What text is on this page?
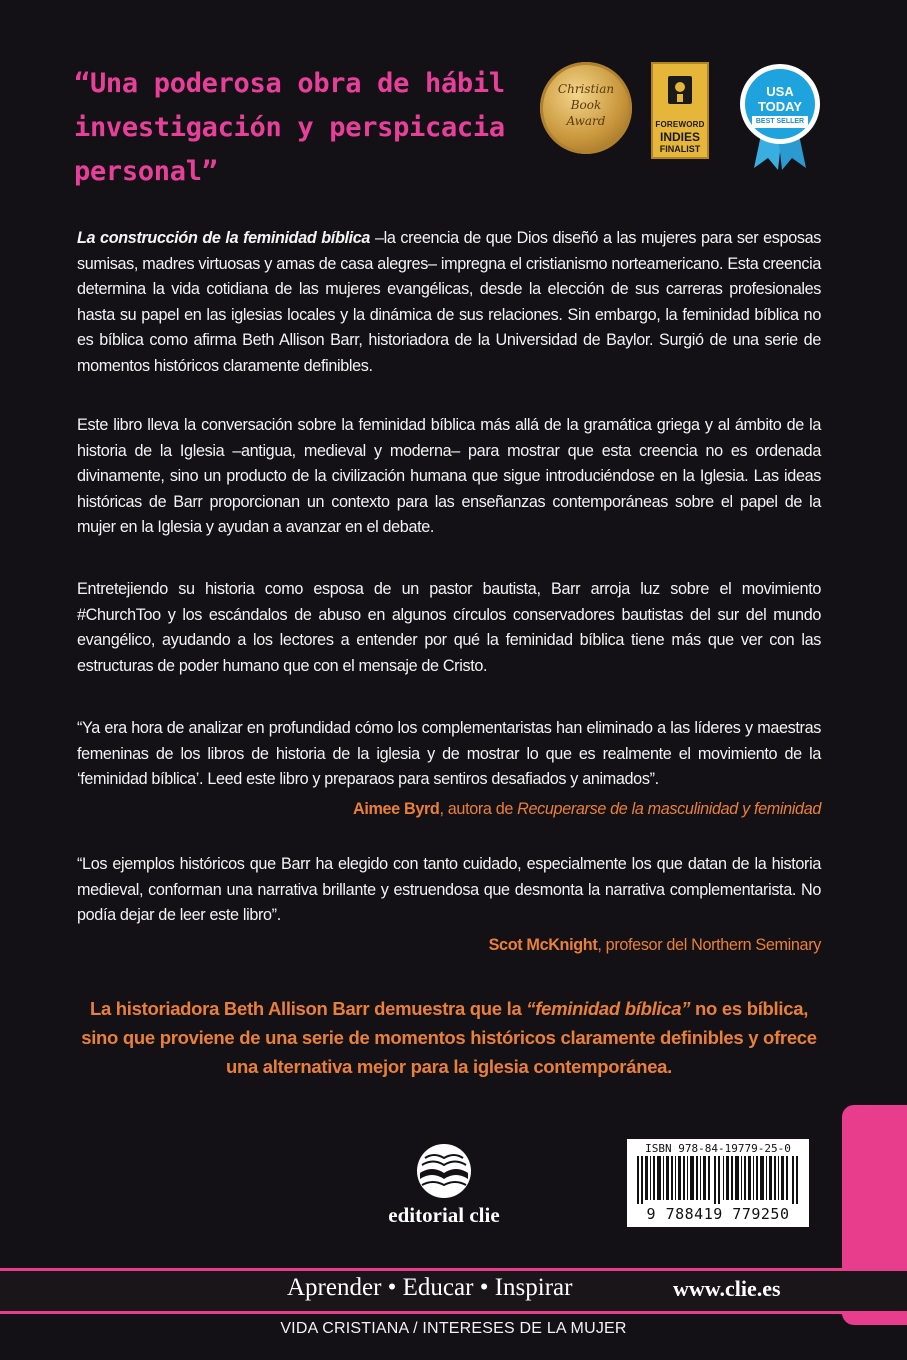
“Una poderosa obra de hábil
investigación y perspicacia
personal”
Christian
Book
Award	FOREWORD
INDIES
FINALIST
USA
TODAY
BEST SELLER

La construcción de la feminidad bíblica –la creencia de que Dios diseñó a las mujeres para ser esposas sumisas, madres virtuosas y amas de casa alegres– impregna el cristianismo norteamericano. Esta creencia determina la vida cotidiana de las mujeres evangélicas, desde la elección de sus carreras profesionales hasta su papel en las iglesias locales y la dinámica de sus relaciones. Sin embargo, la feminidad bíblica no es bíblica como afirma Beth Allison Barr, historiadora de la Universidad de Baylor. Surgió de una serie de momentos históricos claramente definibles.

Este libro lleva la conversación sobre la feminidad bíblica más allá de la gramática griega y al ámbito de la historia de la Iglesia –antigua, medieval y moderna– para mostrar que esta creencia no es ordenada divinamente, sino un producto de la civilización humana que sigue introduciéndose en la Iglesia. Las ideas históricas de Barr proporcionan un contexto para las enseñanzas contemporáneas sobre el papel de la mujer en la Iglesia y ayudan a avanzar en el debate.

Entretejiendo su historia como esposa de un pastor bautista, Barr arroja luz sobre el movimiento #ChurchToo y los escándalos de abuso en algunos círculos conservadores bautistas del sur del mundo evangélico, ayudando a los lectores a entender por qué la feminidad bíblica tiene más que ver con las estructuras de poder humano que con el mensaje de Cristo.

“Ya era hora de analizar en profundidad cómo los complementaristas han eliminado a las líderes y maestras femeninas de los libros de historia de la iglesia y de mostrar lo que es realmente el movimiento de la ‘feminidad bíblica’. Leed este libro y preparaos para sentiros desafiados y animados”.

Aimee Byrd, autora de Recuperarse de la masculinidad y feminidad

“Los ejemplos históricos que Barr ha elegido con tanto cuidado, especialmente los que datan de la historia medieval, conforman una narrativa brillante y estruendosa que desmonta la narrativa complementarista. No podía dejar de leer este libro”.

Scot McKnight, profesor del Northern Seminary

La historiadora Beth Allison Barr demuestra que la “feminidad bíblica” no es bíblica, sino que proviene de una serie de momentos históricos claramente definibles y ofrece una alternativa mejor para la iglesia contemporánea.

editorial clie
ISBN 978-84-19779-25-0
9 788419 779250

Aprender • Educar • Inspirar	www.clie.es

VIDA CRISTIANA / INTERESES DE LA MUJER
